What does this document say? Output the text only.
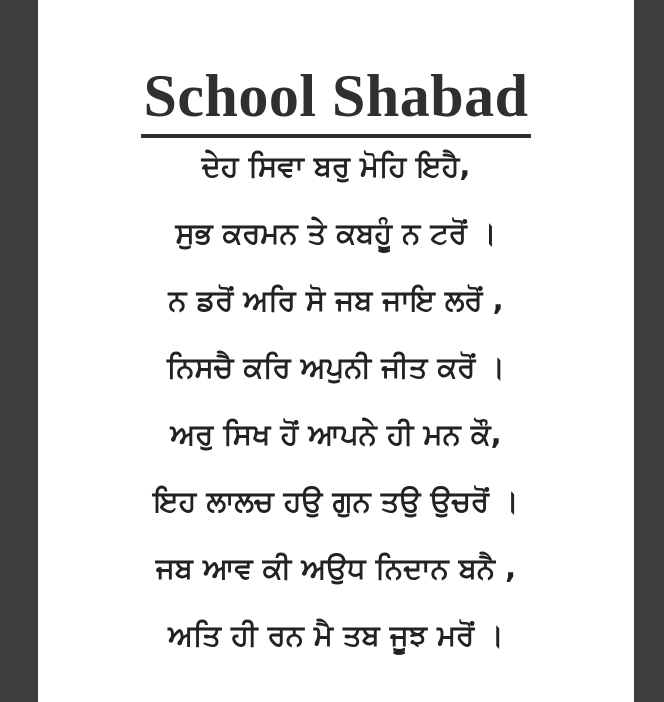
School Shabad
ਦੇਹ ਸਿਵਾ ਬਰੁ ਮੋਹਿ ਇਹੈ,
ਸੁਭ ਕਰਮਨ ਤੇ ਕਬਹੂੰ ਨ ਟਰੋਂ ।
ਨ ਡਰੋਂ ਅਰਿ ਸੋ ਜਬ ਜਾਇ ਲਰੋਂ ,
ਨਿਸਚੈ ਕਰਿ ਅਪੁਨੀ ਜੀਤ ਕਰੋਂ ।
ਅਰੁ ਸਿਖ ਹੋਂ ਆਪਨੇ ਹੀ ਮਨ ਕੌ,
ਇਹ ਲਾਲਚ ਹਉ ਗੁਨ ਤਉ ਉਚਰੋਂ ।
ਜਬ ਆਵ ਕੀ ਅਉਧ ਨਿਦਾਨ ਬਨੈ ,
ਅਤਿ ਹੀ ਰਨ ਮੈ ਤਬ ਜੂਝ ਮਰੋਂ ।
